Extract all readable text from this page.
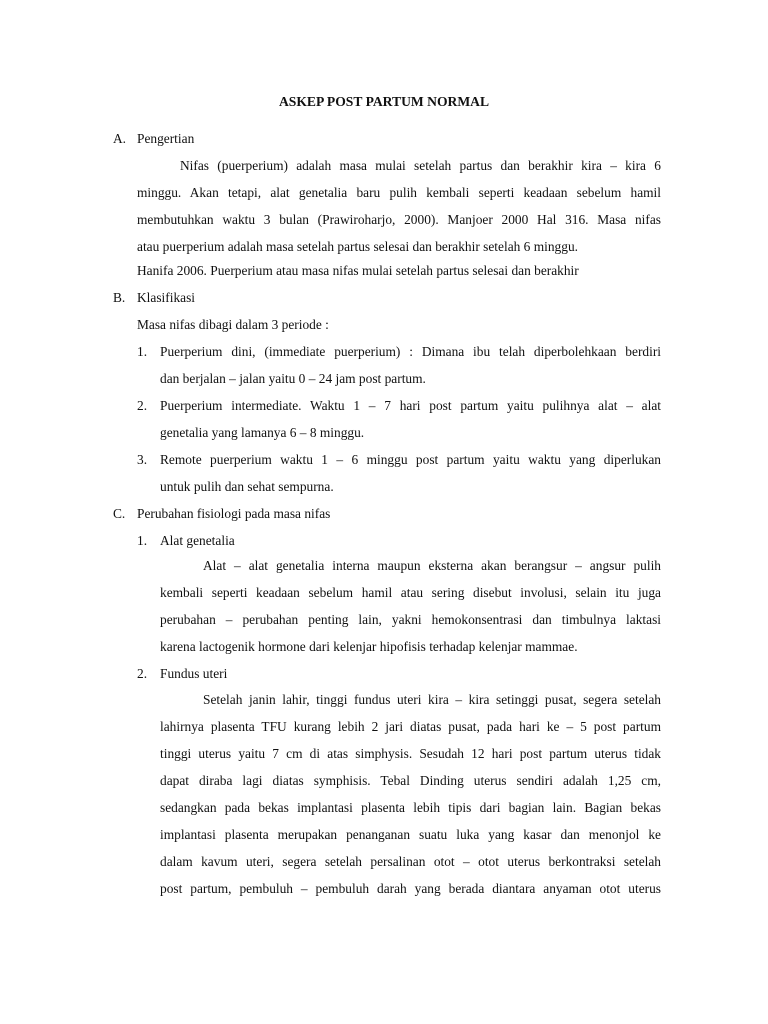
ASKEP POST PARTUM NORMAL
A. Pengertian
Nifas (puerperium) adalah masa mulai setelah partus dan berakhir kira – kira 6
minggu. Akan tetapi, alat genetalia baru pulih kembali seperti keadaan sebelum hamil
membutuhkan waktu 3 bulan (Prawiroharjo, 2000). Manjoer 2000 Hal 316. Masa nifas
atau puerperium adalah masa setelah partus selesai dan berakhir setelah 6 minggu.
Hanifa 2006. Puerperium atau masa nifas mulai setelah partus selesai dan berakhir
B. Klasifikasi
Masa nifas dibagi dalam 3 periode :
1. Puerperium dini, (immediate puerperium) : Dimana ibu telah diperbolehkaan berdiri
dan berjalan – jalan yaitu 0 – 24 jam post partum.
2. Puerperium intermediate. Waktu 1 – 7 hari post partum yaitu pulihnya alat – alat
genetalia yang lamanya 6 – 8 minggu.
3. Remote puerperium waktu 1 – 6 minggu post partum yaitu waktu yang diperlukan
untuk pulih dan sehat sempurna.
C. Perubahan fisiologi pada masa nifas
1. Alat genetalia
Alat – alat genetalia interna maupun eksterna akan berangsur – angsur pulih
kembali seperti keadaan sebelum hamil atau sering disebut involusi, selain itu juga
perubahan – perubahan penting lain, yakni hemokonsentrasi dan timbulnya laktasi
karena lactogenik hormone dari kelenjar hipofisis terhadap kelenjar mammae.
2. Fundus uteri
Setelah janin lahir, tinggi fundus uteri kira – kira setinggi pusat, segera setelah
lahirnya plasenta TFU kurang lebih 2 jari diatas pusat, pada hari ke – 5 post partum
tinggi uterus yaitu 7 cm di atas simphysis. Sesudah 12 hari post partum uterus tidak
dapat diraba lagi diatas symphisis. Tebal Dinding uterus sendiri adalah 1,25 cm,
sedangkan pada bekas implantasi plasenta lebih tipis dari bagian lain. Bagian bekas
implantasi plasenta merupakan penanganan suatu luka yang kasar dan menonjol ke
dalam kavum uteri, segera setelah persalinan otot – otot uterus berkontraksi setelah
post partum, pembuluh – pembuluh darah yang berada diantara anyaman otot uterus
